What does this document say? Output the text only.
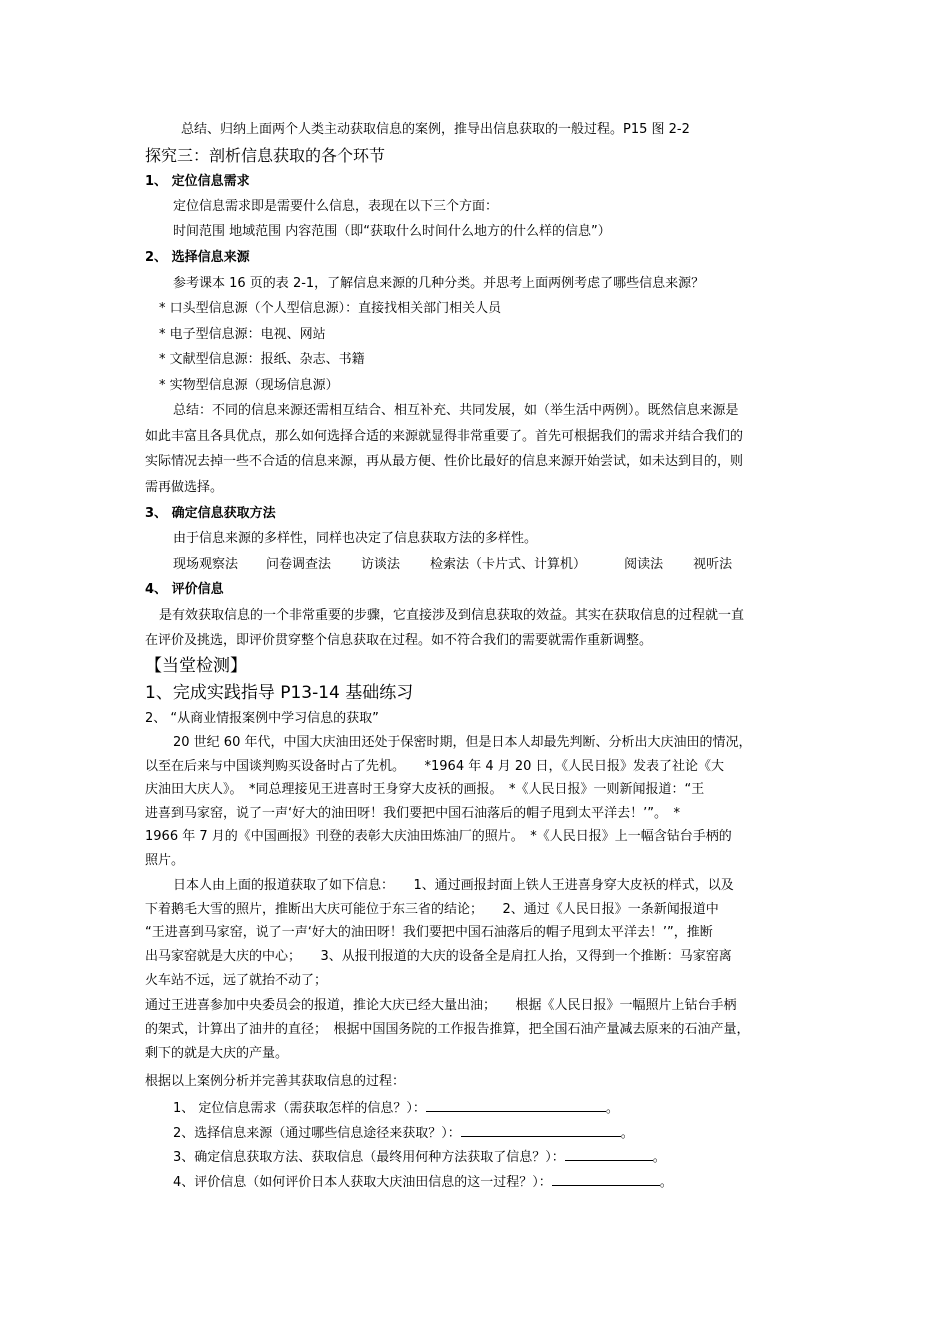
总结、归纳上面两个人类主动获取信息的案例，推导出信息获取的一般过程。P15 图 2-2
探究三：剖析信息获取的各个环节
1、 定位信息需求
定位信息需求即是需要什么信息，表现在以下三个方面：
时间范围 地域范围 内容范围（即“获取什么时间什么地方的什么样的信息”）
2、 选择信息来源
参考课本 16 页的表 2-1，了解信息来源的几种分类。并思考上面两例考虑了哪些信息来源？
* 口头型信息源（个人型信息源）：直接找相关部门相关人员
* 电子型信息源：电视、网站
* 文献型信息源：报纸、杂志、书籍
* 实物型信息源（现场信息源）
总结：不同的信息来源还需相互结合、相互补充、共同发展，如（举生活中两例）。既然信息来源是
如此丰富且各具优点，那么如何选择合适的来源就显得非常重要了。首先可根据我们的需求并结合我们的
实际情况去掉一些不合适的信息来源，再从最方便、性价比最好的信息来源开始尝试，如未达到目的，则
需再做选择。
3、 确定信息获取方法
由于信息来源的多样性，同样也决定了信息获取方法的多样性。
现场观察法 问卷调查法 访谈法 检索法（卡片式、计算机）	阅读法 视听法
4、 评价信息
是有效获取信息的一个非常重要的步骤，它直接涉及到信息获取的效益。其实在获取信息的过程就一直
在评价及挑选，即评价贯穿整个信息获取在过程。如不符合我们的需要就需作重新调整。
【当堂检测】
1、完成实践指导 P13-14 基础练习
2、 “从商业情报案例中学习信息的获取”
20 世纪 60 年代，中国大庆油田还处于保密时期，但是日本人却最先判断、分析出大庆油田的情况，
以至在后来与中国谈判购买设备时占了先机。　　*1964 年 4 月 20 日，《人民日报》发表了社论《大
庆油田大庆人》。　*同总理接见王进喜时王身穿大皮袄的画报。　*《人民日报》一则新闻报道：“王
进喜到马家窑，说了一声‘好大的油田呀！我们要把中国石油落后的帽子甩到太平洋去！’”。　*
1966 年 7 月的《中国画报》刊登的表彰大庆油田炼油厂的照片。　*《人民日报》上一幅含钻台手柄的
照片。
日本人由上面的报道获取了如下信息：　　1、通过画报封面上铁人王进喜身穿大皮袄的样式，以及
下着鹅毛大雪的照片，推断出大庆可能位于东三省的结论；　　2、通过《人民日报》一条新闻报道中
“王进喜到马家窑，说了一声‘好大的油田呀！我们要把中国石油落后的帽子甩到太平洋去！’”，推断
出马家窑就是大庆的中心；　　3、从报刊报道的大庆的设备全是肩扛人抬，又得到一个推断：马家窑离
火车站不远，远了就抬不动了；
通过王进喜参加中央委员会的报道，推论大庆已经大量出油；　　根据《人民日报》一幅照片上钻台手柄
的架式，计算出了油井的直径；　根据中国国务院的工作报告推算，把全国石油产量减去原来的石油产量，
剩下的就是大庆的产量。
根据以上案例分析并完善其获取信息的过程：
1、 定位信息需求（需获取怎样的信息？）：	。
2、选择信息来源（通过哪些信息途径来获取？）：	。
3、确定信息获取方法、获取信息（最终用何种方法获取了信息？）：	。
4、评价信息（如何评价日本人获取大庆油田信息的这一过程？）：	。
